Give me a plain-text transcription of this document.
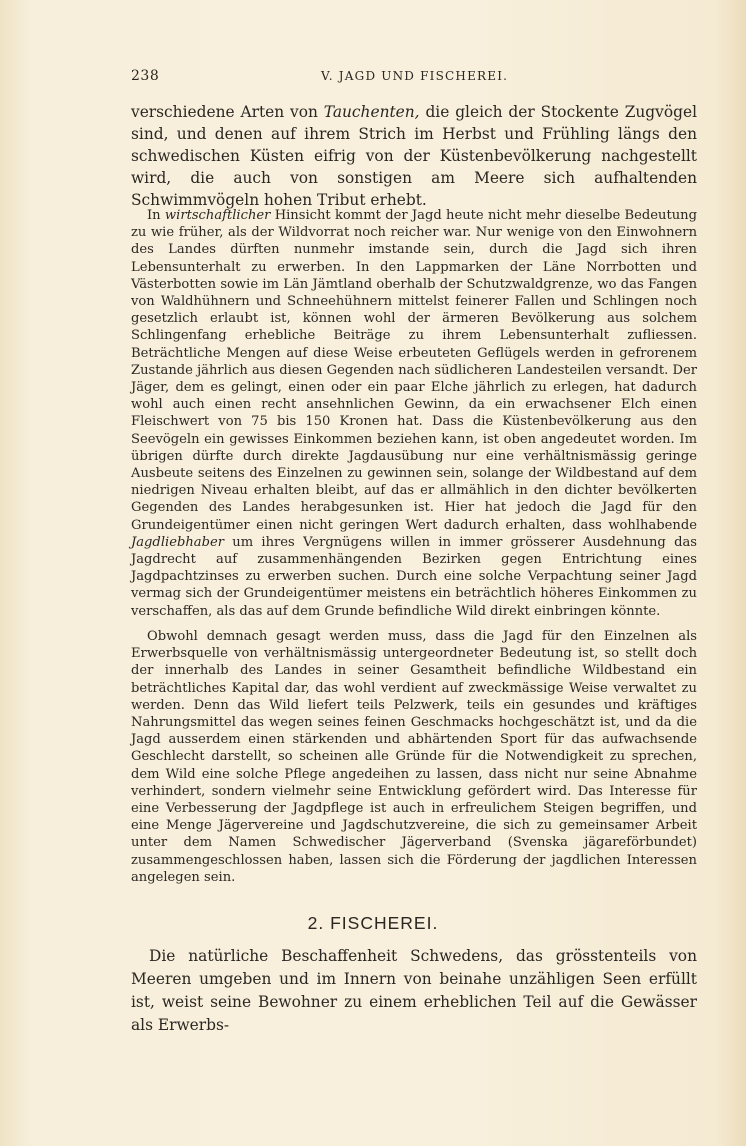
238	V. JAGD UND FISCHEREI.

verschiedene Arten von Tauchenten, die gleich der Stockente Zugvögel sind, und denen auf ihrem Strich im Herbst und Frühling längs den schwedischen Küsten eifrig von der Küstenbevölkerung nachgestellt wird, die auch von sonstigen am Meere sich aufhaltenden Schwimmvögeln hohen Tribut erhebt.

In wirtschaftlicher Hinsicht kommt der Jagd heute nicht mehr dieselbe Bedeutung zu wie früher, als der Wildvorrat noch reicher war. Nur wenige von den Einwohnern des Landes dürften nunmehr imstande sein, durch die Jagd sich ihren Lebensunterhalt zu erwerben. In den Lappmarken der Läne Norrbotten und Västerbotten sowie im Län Jämtland oberhalb der Schutzwaldgrenze, wo das Fangen von Waldhühnern und Schneehühnern mittelst feinerer Fallen und Schlingen noch gesetzlich erlaubt ist, können wohl der ärmeren Bevölkerung aus solchem Schlingenfang erhebliche Beiträge zu ihrem Lebensunterhalt zufliessen. Beträchtliche Mengen auf diese Weise erbeuteten Geflügels werden in gefrorenem Zustande jährlich aus diesen Gegenden nach südlicheren Landesteilen versandt. Der Jäger, dem es gelingt, einen oder ein paar Elche jährlich zu erlegen, hat dadurch wohl auch einen recht ansehnlichen Gewinn, da ein erwachsener Elch einen Fleischwert von 75 bis 150 Kronen hat. Dass die Küstenbevölkerung aus den Seevögeln ein gewisses Einkommen beziehen kann, ist oben angedeutet worden. Im übrigen dürfte durch direkte Jagdausübung nur eine verhältnismässig geringe Ausbeute seitens des Einzelnen zu gewinnen sein, solange der Wildbestand auf dem niedrigen Niveau erhalten bleibt, auf das er allmählich in den dichter bevölkerten Gegenden des Landes herabgesunken ist. Hier hat jedoch die Jagd für den Grundeigentümer einen nicht geringen Wert dadurch erhalten, dass wohlhabende Jagdliebhaber um ihres Vergnügens willen in immer grösserer Ausdehnung das Jagdrecht auf zusammenhängenden Bezirken gegen Entrichtung eines Jagdpachtzinses zu erwerben suchen. Durch eine solche Verpachtung seiner Jagd vermag sich der Grundeigentümer meistens ein beträchtlich höheres Einkommen zu verschaffen, als das auf dem Grunde befindliche Wild direkt einbringen könnte.

Obwohl demnach gesagt werden muss, dass die Jagd für den Einzelnen als Erwerbsquelle von verhältnismässig untergeordneter Bedeutung ist, so stellt doch der innerhalb des Landes in seiner Gesamtheit befindliche Wildbestand ein beträchtliches Kapital dar, das wohl verdient auf zweckmässige Weise verwaltet zu werden. Denn das Wild liefert teils Pelzwerk, teils ein gesundes und kräftiges Nahrungsmittel das wegen seines feinen Geschmacks hochgeschätzt ist, und da die Jagd ausserdem einen stärkenden und abhärtenden Sport für das aufwachsende Geschlecht darstellt, so scheinen alle Gründe für die Notwendigkeit zu sprechen, dem Wild eine solche Pflege angedeihen zu lassen, dass nicht nur seine Abnahme verhindert, sondern vielmehr seine Entwicklung gefördert wird. Das Interesse für eine Verbesserung der Jagdpflege ist auch in erfreulichem Steigen begriffen, und eine Menge Jägervereine und Jagdschutzvereine, die sich zu gemeinsamer Arbeit unter dem Namen Schwedischer Jägerverband (Svenska jägareförbundet) zusammengeschlossen haben, lassen sich die Förderung der jagdlichen Interessen angelegen sein.

2. FISCHEREI.

Die natürliche Beschaffenheit Schwedens, das grösstenteils von Meeren umgeben und im Innern von beinahe unzähligen Seen erfüllt ist, weist seine Bewohner zu einem erheblichen Teil auf die Gewässer als Erwerbs-
